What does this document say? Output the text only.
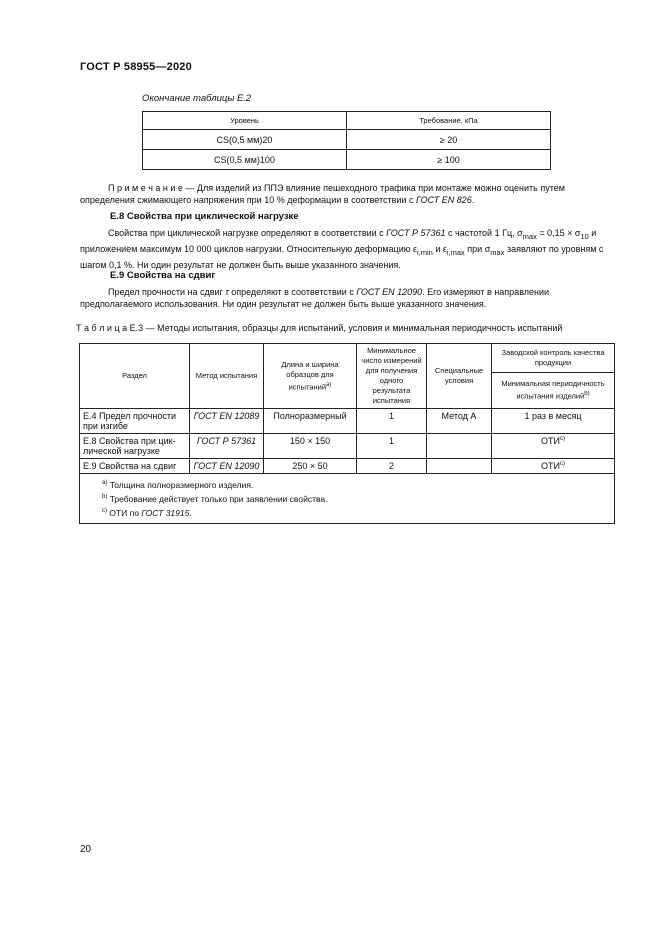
ГОСТ Р 58955—2020
Окончание таблицы Е.2
Уровень	Требование, кПа
CS(0,5 мм)20	≥ 20
CS(0,5 мм)100	≥ 100
П р и м е ч а н и е — Для изделий из ППЭ влияние пешеходного трафика при монтаже можно оценить путем определения сжимающего напряжения при 10 % деформации в соответствии с ГОСТ EN 826.
Е.8 Свойства при циклической нагрузке
Свойства при циклической нагрузке определяют в соответствии с ГОСТ Р 57361 с частотой 1 Гц, $\sigma_{max} = 0,15 \times \sigma_{10}$ и приложением максимум 10 000 циклов нагрузки. Относительную деформацию $\varepsilon_{i,min}$ и $\varepsilon_{i,max}$ при $\sigma_{max}$ заявляют по уровням с шагом 0,1 %. Ни один результат не должен быть выше указанного значения.
Е.9 Свойства на сдвиг
Предел прочности на сдвиг τ определяют в соответствии с ГОСТ EN 12090. Его измеряют в направлении предполагаемого использования. Ни один результат не должен быть выше указанного значения.
Т а б л и ц а Е.3 — Методы испытания, образцы для испытаний, условия и минимальная периодичность испытаний
Раздел	Метод испытания	Длина и ширина образцов для испытаний$^{a)}$	Минимальное число измерений для получения одного результата испытания	Специальные условия	Заводской контроль качества продукции
					Минимальная периодичность испытания изделий$^{b)}$
Е.4 Предел прочности при изгибе	ГОСТ EN 12089	Полноразмерный	1	Метод А	1 раз в месяц
Е.8 Свойства при циклической нагрузке	ГОСТ Р 57361	150 × 150	1		ОТИ$^{c)}$
Е.9 Свойства на сдвиг	ГОСТ EN 12090	250 × 50	2		ОТИ$^{c)}$

$^{a)}$ Толщина полноразмерного изделия.
$^{b)}$ Требование действует только при заявлении свойства.
$^{c)}$ ОТИ по ГОСТ 31915.					
20
